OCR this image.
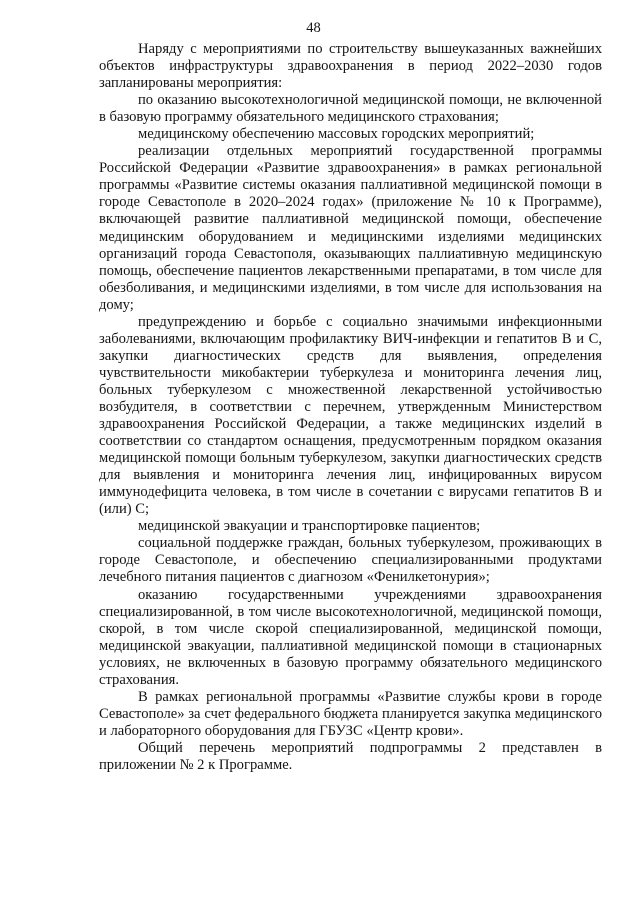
48

Наряду с мероприятиями по строительству вышеуказанных важнейших объектов инфраструктуры здравоохранения в период 2022–2030 годов запланированы мероприятия:

по оказанию высокотехнологичной медицинской помощи, не включенной в базовую программу обязательного медицинского страхования;

медицинскому обеспечению массовых городских мероприятий;

реализации отдельных мероприятий государственной программы Российской Федерации «Развитие здравоохранения» в рамках региональной программы «Развитие системы оказания паллиативной медицинской помощи в городе Севастополе в 2020–2024 годах» (приложение № 10 к Программе), включающей развитие паллиативной медицинской помощи, обеспечение медицинским оборудованием и медицинскими изделиями медицинских организаций города Севастополя, оказывающих паллиативную медицинскую помощь, обеспечение пациентов лекарственными препаратами, в том числе для обезболивания, и медицинскими изделиями, в том числе для использования на дому;

предупреждению и борьбе с социально значимыми инфекционными заболеваниями, включающим профилактику ВИЧ-инфекции и гепатитов В и С, закупки диагностических средств для выявления, определения чувствительности микобактерии туберкулеза и мониторинга лечения лиц, больных туберкулезом с множественной лекарственной устойчивостью возбудителя, в соответствии с перечнем, утвержденным Министерством здравоохранения Российской Федерации, а также медицинских изделий в соответствии со стандартом оснащения, предусмотренным порядком оказания медицинской помощи больным туберкулезом, закупки диагностических средств для выявления и мониторинга лечения лиц, инфицированных вирусом иммунодефицита человека, в том числе в сочетании с вирусами гепатитов В и (или) С;

медицинской эвакуации и транспортировке пациентов;

социальной поддержке граждан, больных туберкулезом, проживающих в городе Севастополе, и обеспечению специализированными продуктами лечебного питания пациентов с диагнозом «Фенилкетонурия»;

оказанию государственными учреждениями здравоохранения специализированной, в том числе высокотехнологичной, медицинской помощи, скорой, в том числе скорой специализированной, медицинской помощи, медицинской эвакуации, паллиативной медицинской помощи в стационарных условиях, не включенных в базовую программу обязательного медицинского страхования.

В рамках региональной программы «Развитие службы крови в городе Севастополе» за счет федерального бюджета планируется закупка медицинского и лабораторного оборудования для ГБУЗС «Центр крови».

Общий перечень мероприятий подпрограммы 2 представлен в приложении № 2 к Программе.
